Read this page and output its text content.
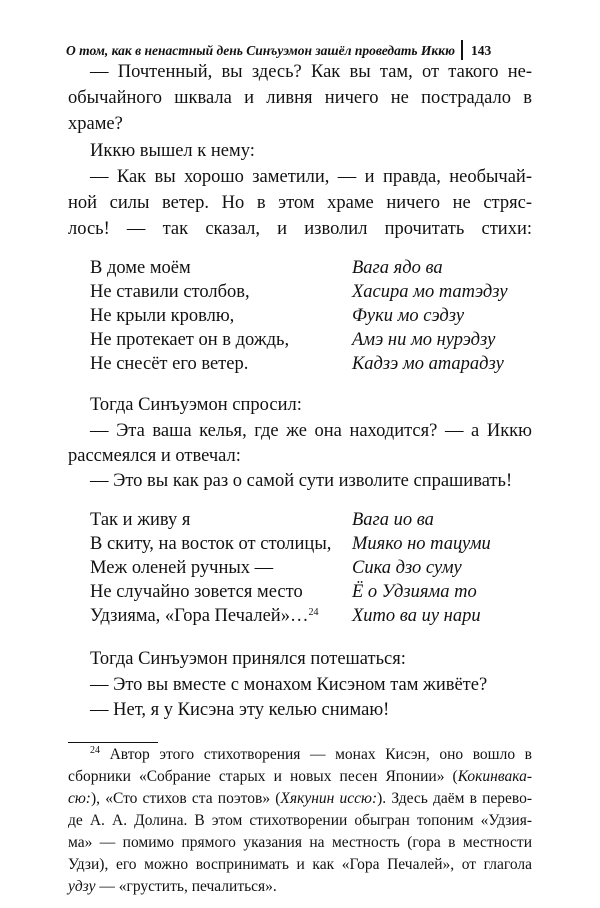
О том, как в ненастный день Синъуэмон зашёл проведать Иккю 143
— Почтенный, вы здесь? Как вы там, от такого не-
обычайного шквала и ливня ничего не пострадало в
храме?
Иккю вышел к нему:
— Как вы хорошо заметили, — и правда, необычай-
ной силы ветер. Но в этом храме ничего не стряс-
лось! — так сказал, и изволил прочитать стихи:
В доме моём	Вага ядо ва
Не ставили столбов,	Хасира мо татэдзу
Не крыли кровлю,	Фуки мо сэдзу
Не протекает он в дождь,	Амэ ни мо нурэдзу
Не снесёт его ветер.	Кадзэ мо атарадзу
Тогда Синъуэмон спросил:
— Эта ваша келья, где же она находится? — а Иккю
рассмеялся и отвечал:
— Это вы как раз о самой сути изволите спрашивать!
Так и живу я	Вага ио ва
В скиту, на восток от столицы,	Мияко но тацуми
Меж оленей ручных —	Сика дзо суму
Не случайно зовется место	Ё о Удзияма то
Удзияма, «Гора Печалей»…$^{24}$	Хито ва иу нари
Тогда Синъуэмон принялся потешаться:
— Это вы вместе с монахом Кисэном там живёте?
— Нет, я у Кисэна эту келью снимаю!
$^{24}$ Автор этого стихотворения — монах Кисэн, оно вошло в
сборники «Собрание старых и новых песен Японии» (Кокинвака-
сю:), «Сто стихов ста поэтов» (Хякунин иссю:). Здесь даём в перево-
де А. А. Долина. В этом стихотворении обыгран топоним «Удзия-
ма» — помимо прямого указания на местность (гора в местности
Удзи), его можно воспринимать и как «Гора Печалей», от глагола
удзу — «грустить, печалиться».
